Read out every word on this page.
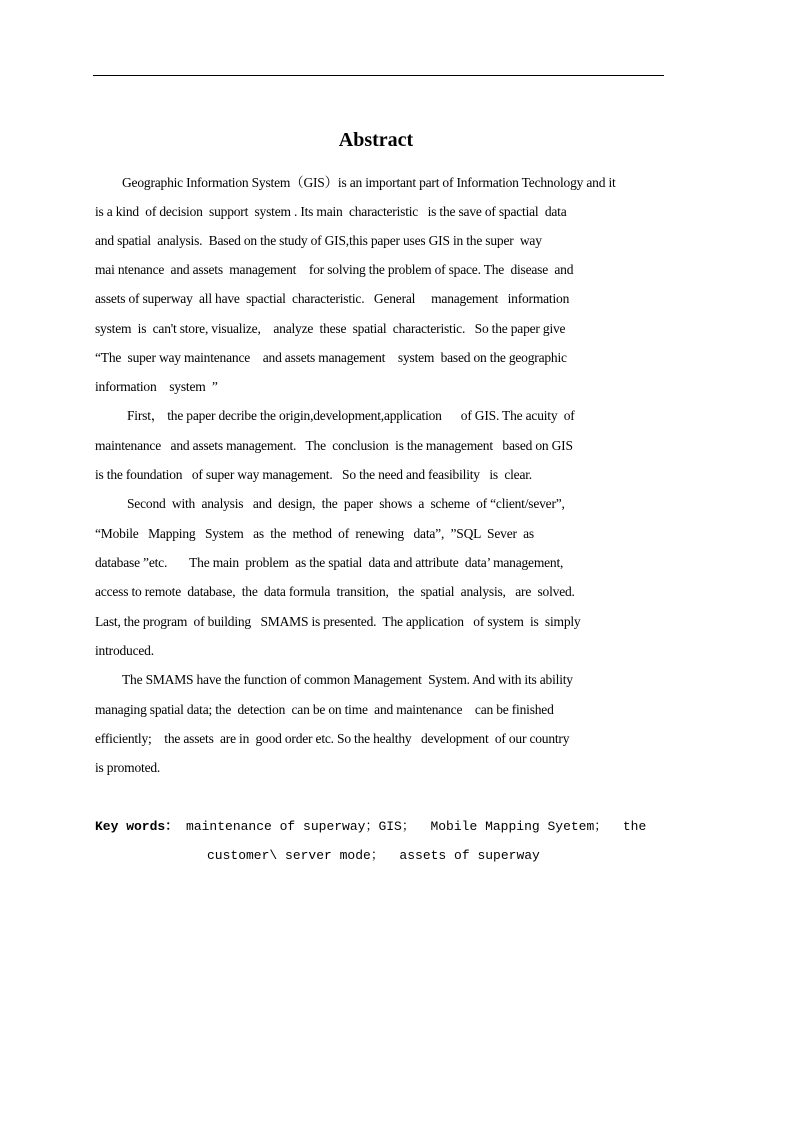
Abstract
Geographic Information System（GIS）is an important part of Information Technology and it
is a kind  of decision  support  system . Its main  characteristic   is the save of spactial  data
and spatial  analysis.  Based on the study of GIS,this paper uses GIS in the super  way
mai ntenance  and assets  management    for solving the problem of space. The  disease  and
assets of superway  all have  spactial  characteristic.   General     management   information
system  is  can't store, visualize,    analyze  these  spatial  characteristic.   So the paper give
“The  super way maintenance    and assets management    system  based on the geographic
information    system  ”
First， the paper decribe the origin,development,application      of GIS. The acuity  of
maintenance   and assets management.   The  conclusion  is the management   based on GIS
is the foundation   of super way management.   So the need and feasibility   is  clear.
Second  with  analysis   and  design,  the  paper  shows  a  scheme  of “client/sever”,
“Mobile   Mapping   System   as  the  method  of  renewing   data”,  ”SQL  Sever  as
database ”etc.       The main  problem  as the spatial  data and attribute  data’ management,
access to remote  database,  the  data formula  transition,   the  spatial  analysis,   are  solved.
Last, the program  of building   SMAMS is presented.  The application   of system  is  simply
introduced.
The SMAMS have the function of common Management  System. And with its ability
managing spatial data; the  detection  can be on time  and maintenance    can be finished
efficiently;    the assets  are in  good order etc. So the healthy   development  of our country
is promoted.
Key words： maintenance of superway；GIS；  Mobile Mapping Syetem；  the
customer\ server mode；  assets of superway
